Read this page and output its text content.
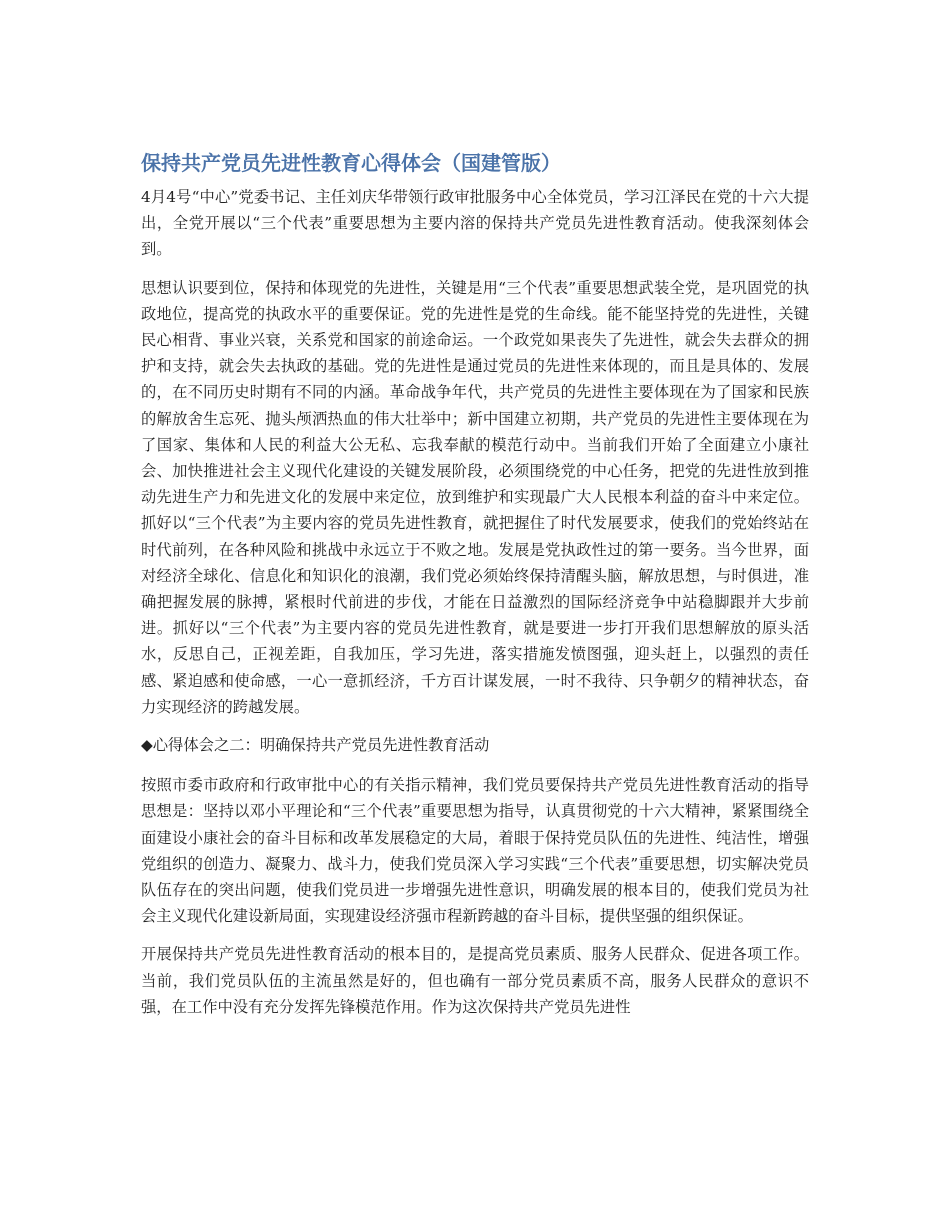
保持共产党员先进性教育心得体会（国建管版）

4月4号“中心”党委书记、主任刘庆华带领行政审批服务中心全体党员，学习江泽民在党的十六大提出，全党开展以“三个代表”重要思想为主要内溶的保持共产党员先进性教育活动。使我深刻体会到。

思想认识要到位，保持和体现党的先进性，关键是用“三个代表”重要思想武装全党，是巩固党的执政地位，提高党的执政水平的重要保证。党的先进性是党的生命线。能不能坚持党的先进性，关键民心相背、事业兴衰，关系党和国家的前途命运。一个政党如果丧失了先进性，就会失去群众的拥护和支持，就会失去执政的基础。党的先进性是通过党员的先进性来体现的，而且是具体的、发展的，在不同历史时期有不同的内涵。革命战争年代，共产党员的先进性主要体现在为了国家和民族的解放舍生忘死、抛头颅洒热血的伟大壮举中；新中国建立初期，共产党员的先进性主要体现在为了国家、集体和人民的利益大公无私、忘我奉献的模范行动中。当前我们开始了全面建立小康社会、加快推进社会主义现代化建设的关键发展阶段，必须围绕党的中心任务，把党的先进性放到推动先进生产力和先进文化的发展中来定位，放到维护和实现最广大人民根本利益的奋斗中来定位。抓好以“三个代表”为主要内容的党员先进性教育，就把握住了时代发展要求，使我们的党始终站在时代前列，在各种风险和挑战中永远立于不败之地。发展是党执政性过的第一要务。当今世界，面对经济全球化、信息化和知识化的浪潮，我们党必须始终保持清醒头脑，解放思想，与时俱进，准确把握发展的脉搏，紧根时代前进的步伐，才能在日益激烈的国际经济竞争中站稳脚跟并大步前进。抓好以“三个代表”为主要内容的党员先进性教育，就是要进一步打开我们思想解放的原头活水，反思自己，正视差距，自我加压，学习先进，落实措施发愤图强，迎头赶上，以强烈的责任感、紧迫感和使命感，一心一意抓经济，千方百计谋发展，一时不我待、只争朝夕的精神状态，奋力实现经济的跨越发展。

◆心得体会之二：明确保持共产党员先进性教育活动

按照市委市政府和行政审批中心的有关指示精神，我们党员要保持共产党员先进性教育活动的指导思想是：坚持以邓小平理论和“三个代表”重要思想为指导，认真贯彻党的十六大精神，紧紧围绕全面建设小康社会的奋斗目标和改革发展稳定的大局，着眼于保持党员队伍的先进性、纯洁性，增强党组织的创造力、凝聚力、战斗力，使我们党员深入学习实践“三个代表”重要思想，切实解决党员队伍存在的突出问题，使我们党员进一步增强先进性意识，明确发展的根本目的，使我们党员为社会主义现代化建设新局面，实现建设经济强市程新跨越的奋斗目标，提供坚强的组织保证。

开展保持共产党员先进性教育活动的根本目的，是提高党员素质、服务人民群众、促进各项工作。当前，我们党员队伍的主流虽然是好的，但也确有一部分党员素质不高，服务人民群众的意识不强，在工作中没有充分发挥先锋模范作用。作为这次保持共产党员先进性
